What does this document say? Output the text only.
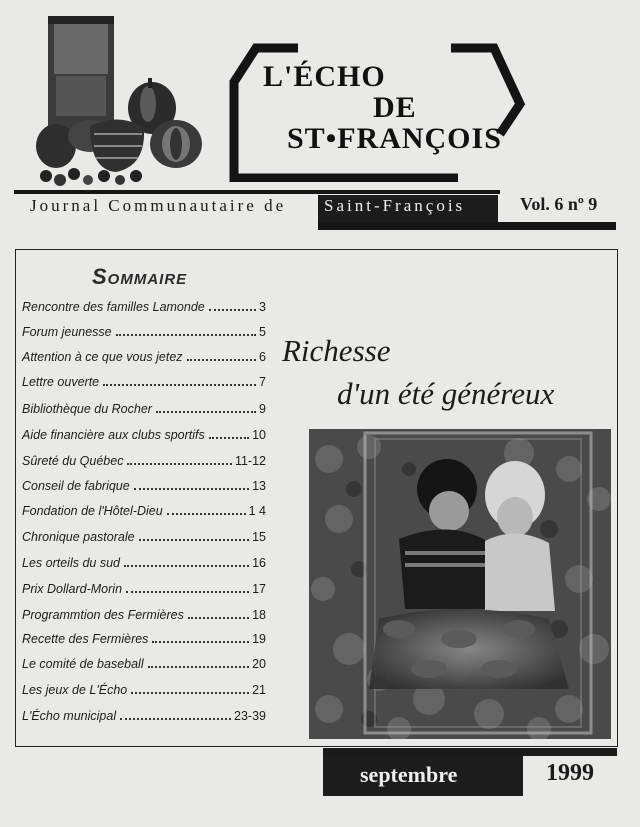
L'ÉCHO
DE
ST•FRANÇOIS
Journal Communautaire de Saint-François	Vol. 6 nº 9
Sommaire
Rencontre des familles Lamonde	3
Forum jeunesse	5
Attention à ce que vous jetez	6
Lettre ouverte	7
Bibliothèque du Rocher	9
Aide financière aux clubs sportifs	10
Sûreté du Québec	11-12
Conseil de fabrique	13
Fondation de l'Hôtel-Dieu	1 4
Chronique pastorale	15
Les orteils du sud	16
Prix Dollard-Morin	17
Programmtion des Fermières	18
Recette des Fermières	19
Le comité de baseball	20
Les jeux de L'Écho	21
L'Écho municipal	23-39
Richesse
d'un été généreux
septembre	1999
